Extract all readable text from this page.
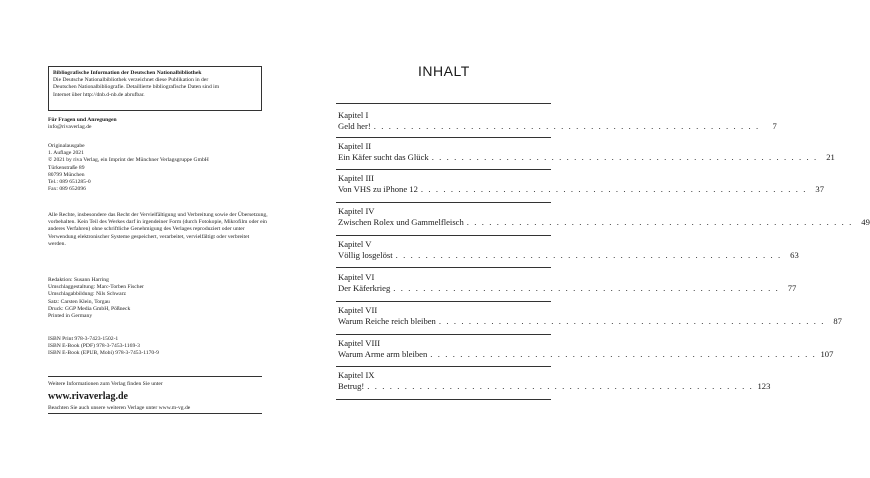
Bibliografische Information der Deutschen Nationalbibliothek
Die Deutsche Nationalbibliothek verzeichnet diese Publikation in der
Deutschen Nationalbibliografie. Detaillierte bibliografische Daten sind im
Internet über http://dnb.d-nb.de abrufbar.
Für Fragen und Anregungen
info@rivaverlag.de
Originalausgabe
1. Auflage 2021
© 2021 by riva Verlag, ein Imprint der Münchner Verlagsgruppe GmbH
Türkenstraße 89
80799 München
Tel.: 089 651285-0
Fax: 089 652096
Alle Rechte, insbesondere das Recht der Vervielfältigung und Verbreitung sowie der Übersetzung, vorbehalten. Kein Teil des Werkes darf in irgendeiner Form (durch Fotokopie, Mikrofilm oder ein anderes Verfahren) ohne schriftliche Genehmigung des Verlages reproduziert oder unter Verwendung elektronischer Systeme gespeichert, verarbeitet, vervielfältigt oder verbreitet werden.
Redaktion: Susann Harring
Umschlaggestaltung: Marc-Torben Fischer
Umschlagabbildung: Nils Schwarz
Satz: Carsten Klein, Torgau
Druck: GGP Media GmbH, Pößneck
Printed in Germany
ISBN Print 978-3-7423-1502-1
ISBN E-Book (PDF) 978-3-7453-1169-3
ISBN E-Book (EPUB, Mobi) 978-3-7453-1170-9
Weitere Informationen zum Verlag finden Sie unter
www.rivaverlag.de
Beachten Sie auch unsere weiteren Verlage unter www.m-vg.de
INHALT
Kapitel I
Geld her! . . . . . . . . . . . . . . . . . . . . . . . . . . . . . . . . . . . . . . . . . . . . . . . . . . . .	7
Kapitel II
Ein Käfer sucht das Glück . . . . . . . . . . . . . . . . . . . . . . . . . . . . . . . . . . . . . . . . . . . . . . . . . . . . 21
Kapitel III
Von VHS zu iPhone 12 . . . . . . . . . . . . . . . . . . . . . . . . . . . . . . . . . . . . . . . . . . . . . . . . . . . . 37
Kapitel IV
Zwischen Rolex und Gammelfleisch . . . . . . . . . . . . . . . . . . . . . . . . . . . . . . . . . . . . . . . . . . . . . . . . . . . . 49
Kapitel V
Völlig losgelöst . . . . . . . . . . . . . . . . . . . . . . . . . . . . . . . . . . . . . . . . . . . . . . . . . . . . 63
Kapitel VI
Der Käferkrieg . . . . . . . . . . . . . . . . . . . . . . . . . . . . . . . . . . . . . . . . . . . . . . . . . . . . 77
Kapitel VII
Warum Reiche reich bleiben . . . . . . . . . . . . . . . . . . . . . . . . . . . . . . . . . . . . . . . . . . . . . . . . . . . . 87
Kapitel VIII
Warum Arme arm bleiben . . . . . . . . . . . . . . . . . . . . . . . . . . . . . . . . . . . . . . . . . . . . . . . . . . . . 107
Kapitel IX
Betrug! . . . . . . . . . . . . . . . . . . . . . . . . . . . . . . . . . . . . . . . . . . . . . . . . . . . . 123
